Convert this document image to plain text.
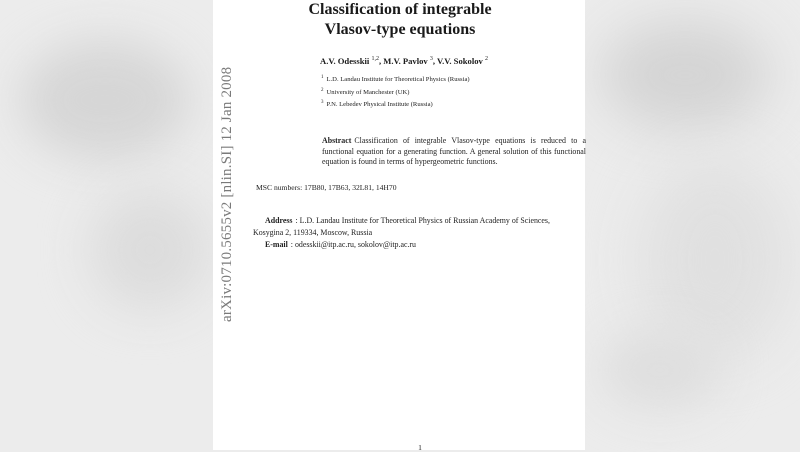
arXiv:0710.5655v2 [nlin.SI] 12 Jan 2008
Classification of integrable
Vlasov-type equations
A.V. Odesskii $^{1,2}$, M.V. Pavlov $^3$, V.V. Sokolov $^2$
$^1$ L.D. Landau Institute for Theoretical Physics (Russia)
$^2$ University of Manchester (UK)
$^3$ P.N. Lebedev Physical Institute (Russia)
Abstract Classification of integrable Vlasov-type equations is reduced to a functional equation for a generating function. A general solution of this functional equation is found in terms of hypergeometric functions.
MSC numbers: 17B80, 17B63, 32L81, 14H70
Address : L.D. Landau Institute for Theoretical Physics of Russian Academy of Sciences,
Kosygina 2, 119334, Moscow, Russia
E-mail : odesskii@itp.ac.ru, sokolov@itp.ac.ru
1
